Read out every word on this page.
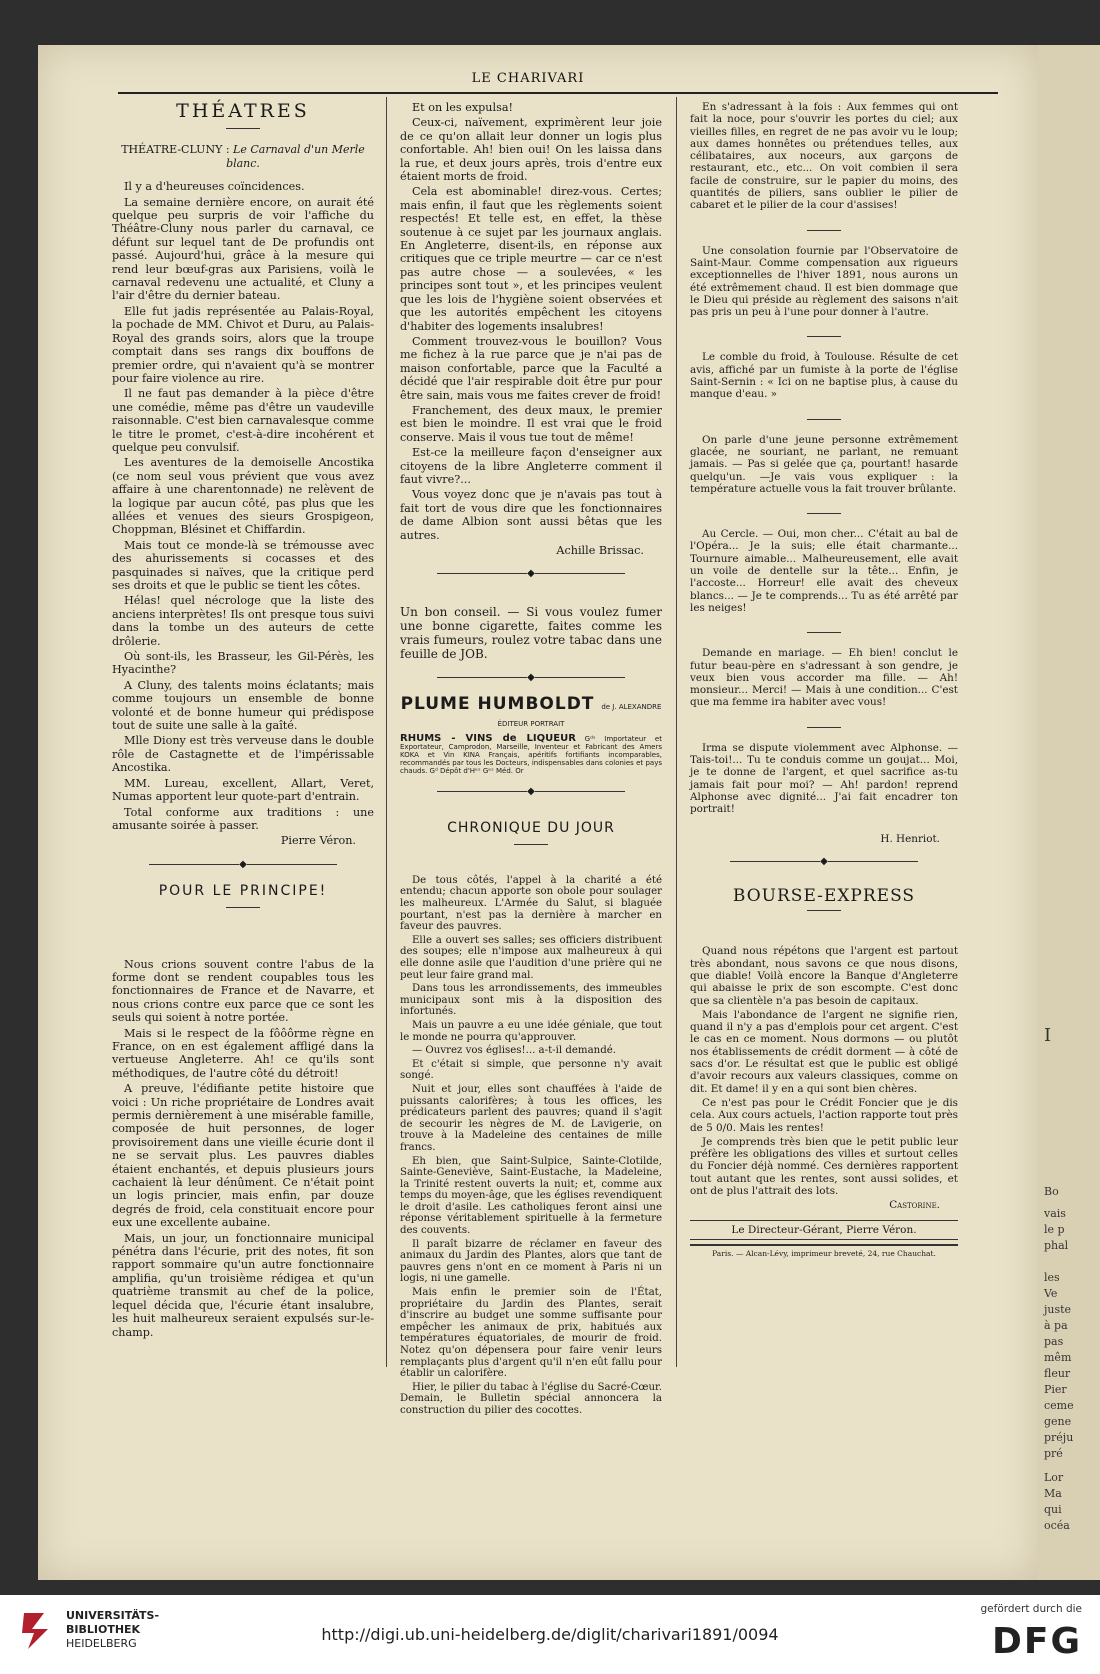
LE CHARIVARI
THÉATRES
THÉATRE-CLUNY : Le Carnaval d'un Merle blanc.

Il y a d'heureuses coïncidences.

La semaine dernière encore, on aurait été quelque peu surpris de voir l'affiche du Théâtre-Cluny nous parler du carnaval, ce défunt sur lequel tant de De profundis ont passé. Aujourd'hui, grâce à la mesure qui rend leur bœuf-gras aux Parisiens, voilà le carnaval redevenu une actualité, et Cluny a l'air d'être du dernier bateau.

Elle fut jadis représentée au Palais-Royal, la pochade de MM. Chivot et Duru, au Palais-Royal des grands soirs, alors que la troupe comptait dans ses rangs dix bouffons de premier ordre, qui n'avaient qu'à se montrer pour faire violence au rire.

Il ne faut pas demander à la pièce d'être une comédie, même pas d'être un vaudeville raisonnable. C'est bien carnavalesque comme le titre le promet, c'est-à-dire incohérent et quelque peu convulsif.

Les aventures de la demoiselle Ancostika (ce nom seul vous prévient que vous avez affaire à une charentonnade) ne relèvent de la logique par aucun côté, pas plus que les allées et venues des sieurs Grospigeon, Choppman, Blésinet et Chiffardin.

Mais tout ce monde-là se trémousse avec des ahurissements si cocasses et des pasquinades si naïves, que la critique perd ses droits et que le public se tient les côtes.

Hélas! quel nécrologe que la liste des anciens interprètes! Ils ont presque tous suivi dans la tombe un des auteurs de cette drôlerie.

Où sont-ils, les Brasseur, les Gil-Pérès, les Hyacinthe?

A Cluny, des talents moins éclatants; mais comme toujours un ensemble de bonne volonté et de bonne humeur qui prédispose tout de suite une salle à la gaîté.

Mlle Diony est très verveuse dans le double rôle de Castagnette et de l'impérissable Ancostika.

MM. Lureau, excellent, Allart, Veret, Numas apportent leur quote-part d'entrain.

Total conforme aux traditions : une amusante soirée à passer.

Pierre Véron.
◆
POUR LE PRINCIPE!

Nous crions souvent contre l'abus de la forme dont se rendent coupables tous les fonctionnaires de France et de Navarre, et nous crions contre eux parce que ce sont les seuls qui soient à notre portée.

Mais si le respect de la fôôôrme règne en France, on en est également affligé dans la vertueuse Angleterre. Ah! ce qu'ils sont méthodiques, de l'autre côté du détroit!

A preuve, l'édifiante petite histoire que voici : Un riche propriétaire de Londres avait permis dernièrement à une misérable famille, composée de huit personnes, de loger provisoirement dans une vieille écurie dont il ne se servait plus. Les pauvres diables étaient enchantés, et depuis plusieurs jours cachaient là leur dénûment. Ce n'était point un logis princier, mais enfin, par douze degrés de froid, cela constituait encore pour eux une excellente aubaine.

Mais, un jour, un fonctionnaire municipal pénétra dans l'écurie, prit des notes, fit son rapport sommaire qu'un autre fonctionnaire amplifia, qu'un troisième rédigea et qu'un quatrième transmit au chef de la police, lequel décida que, l'écurie étant insalubre, les huit malheureux seraient expulsés sur-le-champ.

Et on les expulsa!

Ceux-ci, naïvement, exprimèrent leur joie de ce qu'on allait leur donner un logis plus confortable. Ah! bien oui! On les laissa dans la rue, et deux jours après, trois d'entre eux étaient morts de froid.

Cela est abominable! direz-vous. Certes; mais enfin, il faut que les règlements soient respectés! Et telle est, en effet, la thèse soutenue à ce sujet par les journaux anglais. En Angleterre, disent-ils, en réponse aux critiques que ce triple meurtre — car ce n'est pas autre chose — a soulevées, « les principes sont tout », et les principes veulent que les lois de l'hygiène soient observées et que les autorités empêchent les citoyens d'habiter des logements insalubres!

Comment trouvez-vous le bouillon? Vous me fichez à la rue parce que je n'ai pas de maison confortable, parce que la Faculté a décidé que l'air respirable doit être pur pour être sain, mais vous me faites crever de froid!

Franchement, des deux maux, le premier est bien le moindre. Il est vrai que le froid conserve. Mais il vous tue tout de même!

Est-ce la meilleure façon d'enseigner aux citoyens de la libre Angleterre comment il faut vivre?...

Vous voyez donc que je n'avais pas tout à fait tort de vous dire que les fonctionnaires de dame Albion sont aussi bêtas que les autres.

Achille Brissac.
◆
Un bon conseil. — Si vous voulez fumer une bonne cigarette, faites comme les vrais fumeurs, roulez votre tabac dans une feuille de JOB.
◆
PLUME HUMBOLDT de J. ALEXANDRE ÉDITEUR PORTRAIT
RHUMS - VINS de LIQUEUR Gᵈˢ Importateur et Exportateur, Camprodon, Marseille, Inventeur et Fabricant des Amers KOKA et Vin KINA Français, apéritifs fortifiants incomparables, recommandés par tous les Docteurs, indispensables dans colonies et pays chauds. Gᵈ Dépôt d'Hᵉˢ Gᵉˢ Méd. Or
◆
CHRONIQUE DU JOUR

De tous côtés, l'appel à la charité a été entendu; chacun apporte son obole pour soulager les malheureux. L'Armée du Salut, si blaguée pourtant, n'est pas la dernière à marcher en faveur des pauvres.

Elle a ouvert ses salles; ses officiers distribuent des soupes; elle n'impose aux malheureux à qui elle donne asile que l'audition d'une prière qui ne peut leur faire grand mal.

Dans tous les arrondissements, des immeubles municipaux sont mis à la disposition des infortunés.

Mais un pauvre a eu une idée géniale, que tout le monde ne pourra qu'approuver.

— Ouvrez vos églises!... a-t-il demandé.

Et c'était si simple, que personne n'y avait songé.

Nuit et jour, elles sont chauffées à l'aide de puissants calorifères; à tous les offices, les prédicateurs parlent des pauvres; quand il s'agit de secourir les nègres de M. de Lavigerie, on trouve à la Madeleine des centaines de mille francs.

Eh bien, que Saint-Sulpice, Sainte-Clotilde, Sainte-Geneviève, Saint-Eustache, la Madeleine, la Trinité restent ouverts la nuit; et, comme aux temps du moyen-âge, que les églises revendiquent le droit d'asile. Les catholiques feront ainsi une réponse véritablement spirituelle à la fermeture des couvents.

Il paraît bizarre de réclamer en faveur des animaux du Jardin des Plantes, alors que tant de pauvres gens n'ont en ce moment à Paris ni un logis, ni une gamelle.

Mais enfin le premier soin de l'État, propriétaire du Jardin des Plantes, serait d'inscrire au budget une somme suffisante pour empêcher les animaux de prix, habitués aux températures équatoriales, de mourir de froid. Notez qu'on dépensera pour faire venir leurs remplaçants plus d'argent qu'il n'en eût fallu pour établir un calorifère.

Hier, le pilier du tabac à l'église du Sacré-Cœur. Demain, le Bulletin spécial annoncera la construction du pilier des cocottes.

En s'adressant à la fois : Aux femmes qui ont fait la noce, pour s'ouvrir les portes du ciel; aux vieilles filles, en regret de ne pas avoir vu le loup; aux dames honnêtes ou prétendues telles, aux célibataires, aux noceurs, aux garçons de restaurant, etc., etc... On voit combien il sera facile de construire, sur le papier du moins, des quantités de piliers, sans oublier le pilier de cabaret et le pilier de la cour d'assises!

Une consolation fournie par l'Observatoire de Saint-Maur. Comme compensation aux rigueurs exceptionnelles de l'hiver 1891, nous aurons un été extrêmement chaud. Il est bien dommage que le Dieu qui préside au règlement des saisons n'ait pas pris un peu à l'une pour donner à l'autre.

Le comble du froid, à Toulouse. Résulte de cet avis, affiché par un fumiste à la porte de l'église Saint-Sernin : « Ici on ne baptise plus, à cause du manque d'eau. »

On parle d'une jeune personne extrêmement glacée, ne souriant, ne parlant, ne remuant jamais. — Pas si gelée que ça, pourtant! hasarde quelqu'un. —Je vais vous expliquer : la température actuelle vous la fait trouver brûlante.

Au Cercle. — Oui, mon cher... C'était au bal de l'Opéra... Je la suis; elle était charmante... Tournure aimable... Malheureusement, elle avait un voile de dentelle sur la tête... Enfin, je l'accoste... Horreur! elle avait des cheveux blancs... — Je te comprends... Tu as été arrêté par les neiges!

Demande en mariage. — Eh bien! conclut le futur beau-père en s'adressant à son gendre, je veux bien vous accorder ma fille. — Ah! monsieur... Merci! — Mais à une condition... C'est que ma femme ira habiter avec vous!

Irma se dispute violemment avec Alphonse. — Tais-toi!... Tu te conduis comme un goujat... Moi, je te donne de l'argent, et quel sacrifice as-tu jamais fait pour moi? — Ah! pardon! reprend Alphonse avec dignité... J'ai fait encadrer ton portrait!

H. Henriot.
◆
BOURSE-EXPRESS

Quand nous répétons que l'argent est partout très abondant, nous savons ce que nous disons, que diable! Voilà encore la Banque d'Angleterre qui abaisse le prix de son escompte. C'est donc que sa clientèle n'a pas besoin de capitaux.

Mais l'abondance de l'argent ne signifie rien, quand il n'y a pas d'emplois pour cet argent. C'est le cas en ce moment. Nous dormons — ou plutôt nos établissements de crédit dorment — à côté de sacs d'or. Le résultat est que le public est obligé d'avoir recours aux valeurs classiques, comme on dit. Et dame! il y en a qui sont bien chères.

Ce n'est pas pour le Crédit Foncier que je dis cela. Aux cours actuels, l'action rapporte tout près de 5 0/0. Mais les rentes!

Je comprends très bien que le petit public leur préfère les obligations des villes et surtout celles du Foncier déjà nommé. Ces dernières rapportent tout autant que les rentes, sont aussi solides, et ont de plus l'attrait des lots.

Castorine.
Le Directeur-Gérant, Pierre Véron.
Paris. — Alcan-Lévy, imprimeur breveté, 24, rue Chauchat.
I
Bo
vais
le p
phal
les
Ve
juste
à pa
pas
mêm
fleur
Pier
ceme
gene
préju
pré
Lor
Ma
qui
océa
UNIVERSITÄTS-
BIBLIOTHEK
HEIDELBERG	http://digi.ub.uni-heidelberg.de/diglit/charivari1891/0094
gefördert durch die
DFG
